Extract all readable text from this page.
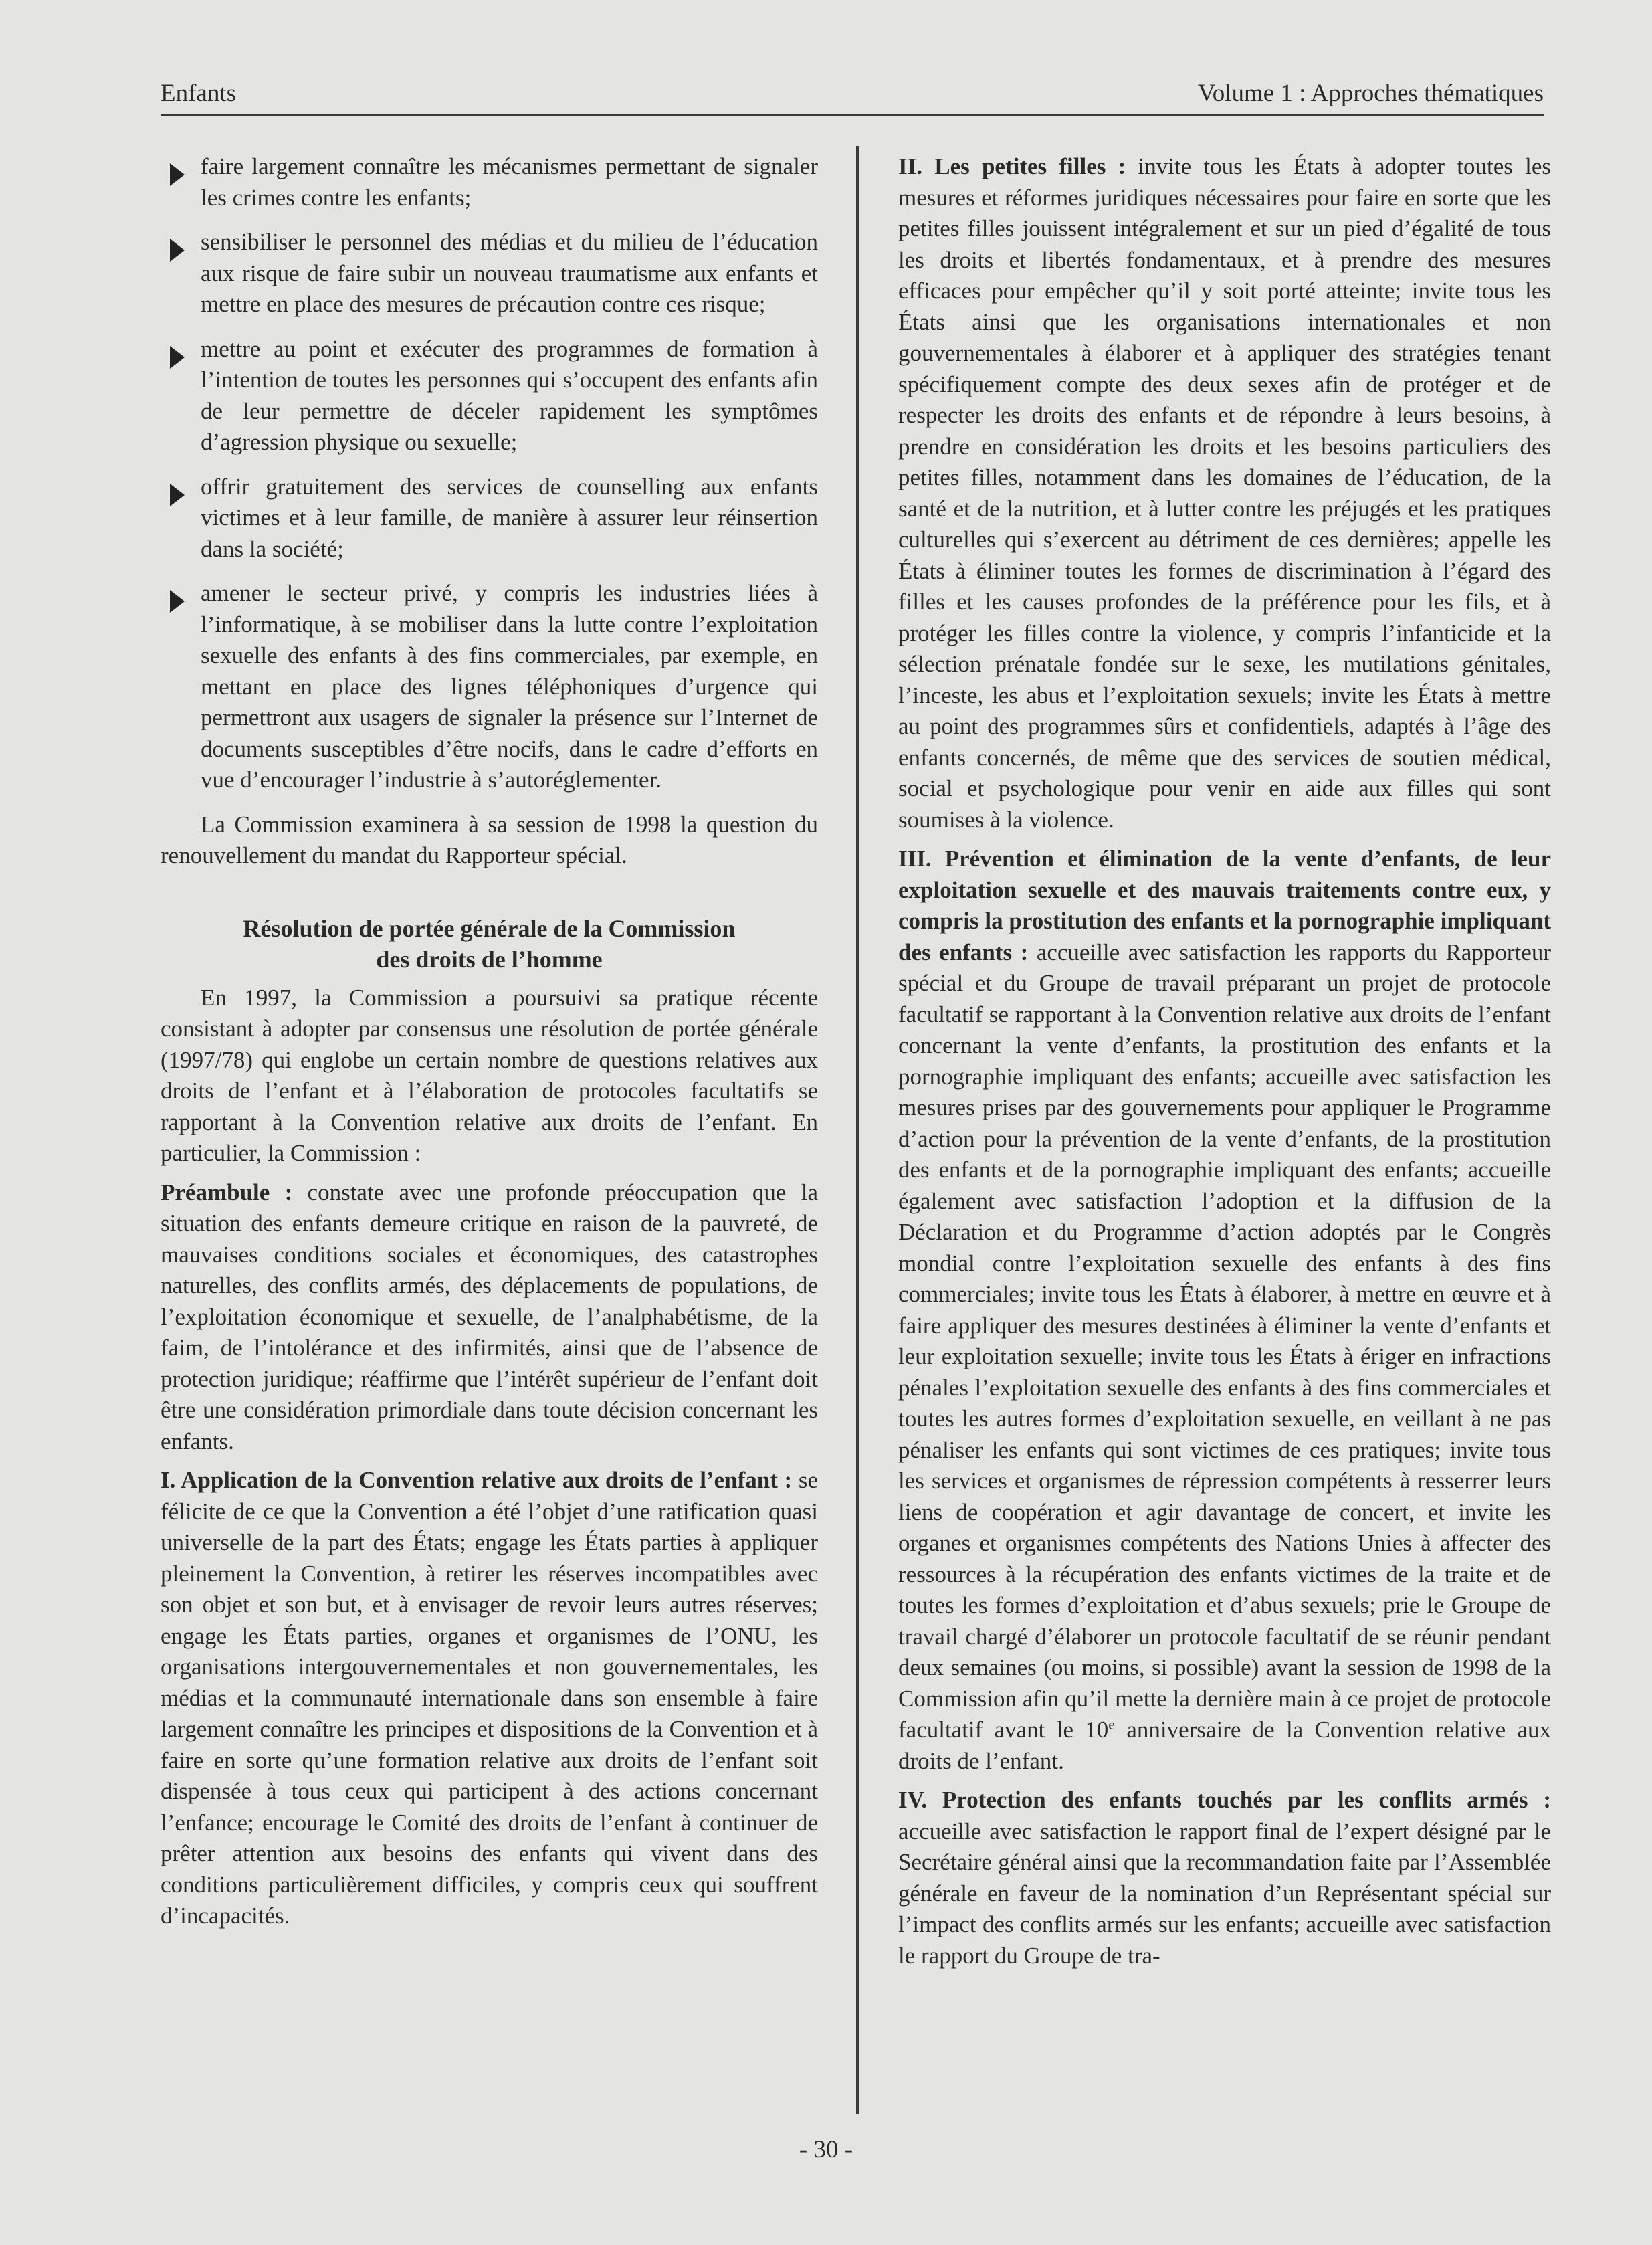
Enfants	Volume 1 : Approches thématiques
faire largement connaître les mécanismes permettant de signaler les crimes contre les enfants;
sensibiliser le personnel des médias et du milieu de l’éducation aux risque de faire subir un nouveau traumatisme aux enfants et mettre en place des mesures de précaution contre ces risque;
mettre au point et exécuter des programmes de formation à l’intention de toutes les personnes qui s’occupent des enfants afin de leur permettre de déceler rapidement les symptômes d’agression physique ou sexuelle;
offrir gratuitement des services de counselling aux enfants victimes et à leur famille, de manière à assurer leur réinsertion dans la société;
amener le secteur privé, y compris les industries liées à l’informatique, à se mobiliser dans la lutte contre l’exploitation sexuelle des enfants à des fins commerciales, par exemple, en mettant en place des lignes téléphoniques d’urgence qui permettront aux usagers de signaler la présence sur l’Internet de documents susceptibles d’être nocifs, dans le cadre d’efforts en vue d’encourager l’industrie à s’autoréglementer.

La Commission examinera à sa session de 1998 la question du renouvellement du mandat du Rapporteur spécial.

Résolution de portée générale de la Commission
des droits de l’homme

En 1997, la Commission a poursuivi sa pratique récente consistant à adopter par consensus une résolution de portée générale (1997/78) qui englobe un certain nombre de questions relatives aux droits de l’enfant et à l’élaboration de protocoles facultatifs se rapportant à la Convention relative aux droits de l’enfant. En particulier, la Commission :

Préambule : constate avec une profonde préoccupation que la situation des enfants demeure critique en raison de la pauvreté, de mauvaises conditions sociales et économiques, des catastrophes naturelles, des conflits armés, des déplacements de populations, de l’exploitation économique et sexuelle, de l’analphabétisme, de la faim, de l’intolérance et des infirmités, ainsi que de l’absence de protection juridique; réaffirme que l’intérêt supérieur de l’enfant doit être une considération primordiale dans toute décision concernant les enfants.

I. Application de la Convention relative aux droits de l’enfant : se félicite de ce que la Convention a été l’objet d’une ratification quasi universelle de la part des États; engage les États parties à appliquer pleinement la Convention, à retirer les réserves incompatibles avec son objet et son but, et à envisager de revoir leurs autres réserves; engage les États parties, organes et organismes de l’ONU, les organisations intergouvernementales et non gouvernementales, les médias et la communauté internationale dans son ensemble à faire largement connaître les principes et dispositions de la Convention et à faire en sorte qu’une formation relative aux droits de l’enfant soit dispensée à tous ceux qui participent à des actions concernant l’enfance; encourage le Comité des droits de l’enfant à continuer de prêter attention aux besoins des enfants qui vivent dans des conditions particulièrement difficiles, y compris ceux qui souffrent d’incapacités.

II. Les petites filles : invite tous les États à adopter toutes les mesures et réformes juridiques nécessaires pour faire en sorte que les petites filles jouissent intégralement et sur un pied d’égalité de tous les droits et libertés fondamentaux, et à prendre des mesures efficaces pour empêcher qu’il y soit porté atteinte; invite tous les États ainsi que les organisations internationales et non gouvernementales à élaborer et à appliquer des stratégies tenant spécifiquement compte des deux sexes afin de protéger et de respecter les droits des enfants et de répondre à leurs besoins, à prendre en considération les droits et les besoins particuliers des petites filles, notamment dans les domaines de l’éducation, de la santé et de la nutrition, et à lutter contre les préjugés et les pratiques culturelles qui s’exercent au détriment de ces dernières; appelle les États à éliminer toutes les formes de discrimination à l’égard des filles et les causes profondes de la préférence pour les fils, et à protéger les filles contre la violence, y compris l’infanticide et la sélection prénatale fondée sur le sexe, les mutilations génitales, l’inceste, les abus et l’exploitation sexuels; invite les États à mettre au point des programmes sûrs et confidentiels, adaptés à l’âge des enfants concernés, de même que des services de soutien médical, social et psychologique pour venir en aide aux filles qui sont soumises à la violence.

III. Prévention et élimination de la vente d’enfants, de leur exploitation sexuelle et des mauvais traitements contre eux, y compris la prostitution des enfants et la pornographie impliquant des enfants : accueille avec satisfaction les rapports du Rapporteur spécial et du Groupe de travail préparant un projet de protocole facultatif se rapportant à la Convention relative aux droits de l’enfant concernant la vente d’enfants, la prostitution des enfants et la pornographie impliquant des enfants; accueille avec satisfaction les mesures prises par des gouvernements pour appliquer le Programme d’action pour la prévention de la vente d’enfants, de la prostitution des enfants et de la pornographie impliquant des enfants; accueille également avec satisfaction l’adoption et la diffusion de la Déclaration et du Programme d’action adoptés par le Congrès mondial contre l’exploitation sexuelle des enfants à des fins commerciales; invite tous les États à élaborer, à mettre en œuvre et à faire appliquer des mesures destinées à éliminer la vente d’enfants et leur exploitation sexuelle; invite tous les États à ériger en infractions pénales l’exploitation sexuelle des enfants à des fins commerciales et toutes les autres formes d’exploitation sexuelle, en veillant à ne pas pénaliser les enfants qui sont victimes de ces pratiques; invite tous les services et organismes de répression compétents à resserrer leurs liens de coopération et agir davantage de concert, et invite les organes et organismes compétents des Nations Unies à affecter des ressources à la récupération des enfants victimes de la traite et de toutes les formes d’exploitation et d’abus sexuels; prie le Groupe de travail chargé d’élaborer un protocole facultatif de se réunir pendant deux semaines (ou moins, si possible) avant la session de 1998 de la Commission afin qu’il mette la dernière main à ce projet de protocole facultatif avant le 10e anniversaire de la Convention relative aux droits de l’enfant.

IV. Protection des enfants touchés par les conflits armés : accueille avec satisfaction le rapport final de l’expert désigné par le Secrétaire général ainsi que la recommandation faite par l’Assemblée générale en faveur de la nomination d’un Représentant spécial sur l’impact des conflits armés sur les enfants; accueille avec satisfaction le rapport du Groupe de tra-

- 30 -
